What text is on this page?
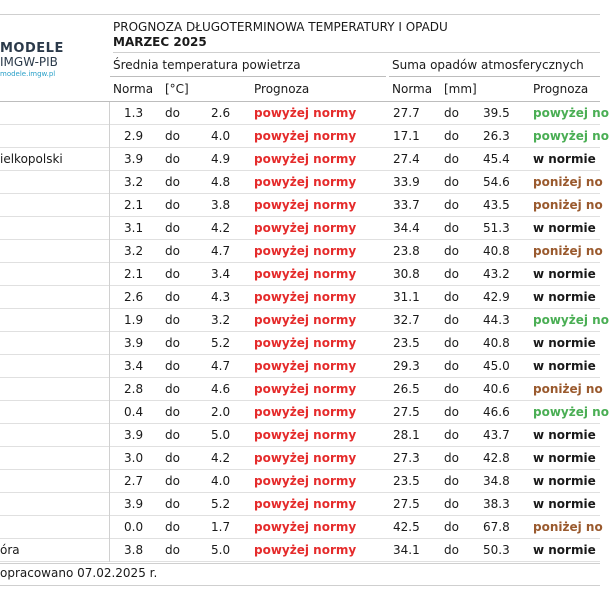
MODELE
IMGW-PIB
modele.imgw.pl
PROGNOZA DŁUGOTERMINOWA TEMPERATURY I OPADU
MARZEC 2025
Średnia temperatura powietrza	Suma opadów atmosferycznych
Norma [°C]	Prognoza	Norma [mm]	Prognoza
1.3 do	2.6 powyżej normy	27.7 do 39.5 powyżej no
2.9 do	4.0 powyżej normy	17.1 do 26.3 powyżej no
ielkopolski	3.9 do	4.9 powyżej normy	27.4 do 45.4 w normie
3.2 do	4.8 powyżej normy	33.9 do 54.6 poniżej no
2.1 do	3.8 powyżej normy	33.7 do 43.5 poniżej no
3.1 do	4.2 powyżej normy	34.4 do 51.3 w normie
3.2 do	4.7 powyżej normy	23.8 do 40.8 poniżej no
2.1 do	3.4 powyżej normy	30.8 do 43.2 w normie
2.6 do	4.3 powyżej normy	31.1 do 42.9 w normie
1.9 do	3.2 powyżej normy	32.7 do 44.3 powyżej no
3.9 do	5.2 powyżej normy	23.5 do 40.8 w normie
3.4 do	4.7 powyżej normy	29.3 do 45.0 w normie
2.8 do	4.6 powyżej normy	26.5 do 40.6 poniżej no
0.4 do	2.0 powyżej normy	27.5 do 46.6 powyżej no
3.9 do	5.0 powyżej normy	28.1 do 43.7 w normie
3.0 do	4.2 powyżej normy	27.3 do 42.8 w normie
2.7 do	4.0 powyżej normy	23.5 do 34.8 w normie
3.9 do	5.2 powyżej normy	27.5 do 38.3 w normie
0.0 do	1.7 powyżej normy	42.5 do 67.8 poniżej no
óra	3.8 do	5.0 powyżej normy	34.1 do 50.3 w normie
opracowano 07.02.2025 r.
